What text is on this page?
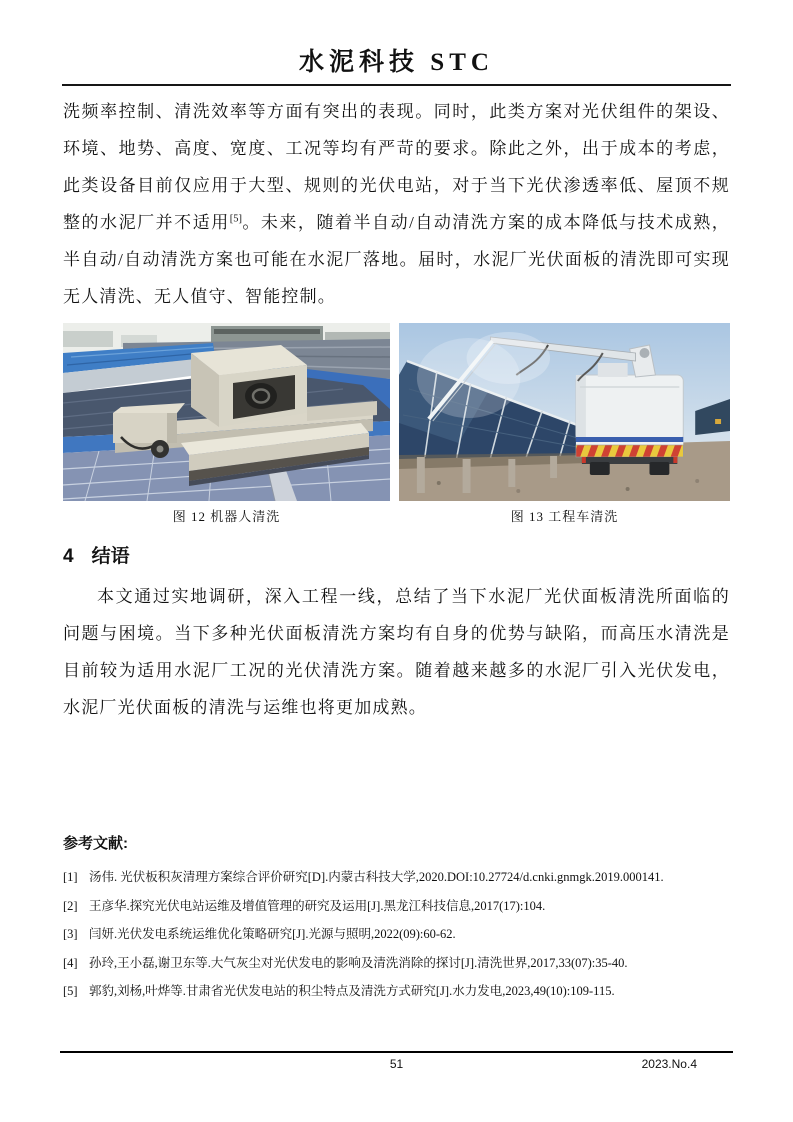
水泥科技 STC

洗频率控制、清洗效率等方面有突出的表现。同时，此类方案对光伏组件的架设、环境、地势、高度、宽度、工况等均有严苛的要求。除此之外，出于成本的考虑，此类设备目前仅应用于大型、规则的光伏电站，对于当下光伏渗透率低、屋顶不规整的水泥厂并不适用[5]。未来，随着半自动/自动清洗方案的成本降低与技术成熟，半自动/自动清洗方案也可能在水泥厂落地。届时，水泥厂光伏面板的清洗即可实现无人清洗、无人值守、智能控制。

图 12 机器人清洗	图 13 工程车清洗
4 结语

本文通过实地调研，深入工程一线，总结了当下水泥厂光伏面板清洗所面临的问题与困境。当下多种光伏面板清洗方案均有自身的优势与缺陷，而高压水清洗是目前较为适用水泥厂工况的光伏清洗方案。随着越来越多的水泥厂引入光伏发电，水泥厂光伏面板的清洗与运维也将更加成熟。

参考文献:
[1] 汤伟. 光伏板积灰清理方案综合评价研究[D].内蒙古科技大学,2020.DOI:10.27724/d.cnki.gnmgk.2019.000141.
[2] 王彦华.探究光伏电站运维及增值管理的研究及运用[J].黑龙江科技信息,2017(17):104.
[3] 闫妍.光伏发电系统运维优化策略研究[J].光源与照明,2022(09):60-62.
[4] 孙玲,王小磊,谢卫东等.大气灰尘对光伏发电的影响及清洗消除的探讨[J].清洗世界,2017,33(07):35-40.
[5] 郭豹,刘杨,叶烨等.甘肃省光伏发电站的积尘特点及清洗方式研究[J].水力发电,2023,49(10):109-115.
51	2023.No.4
